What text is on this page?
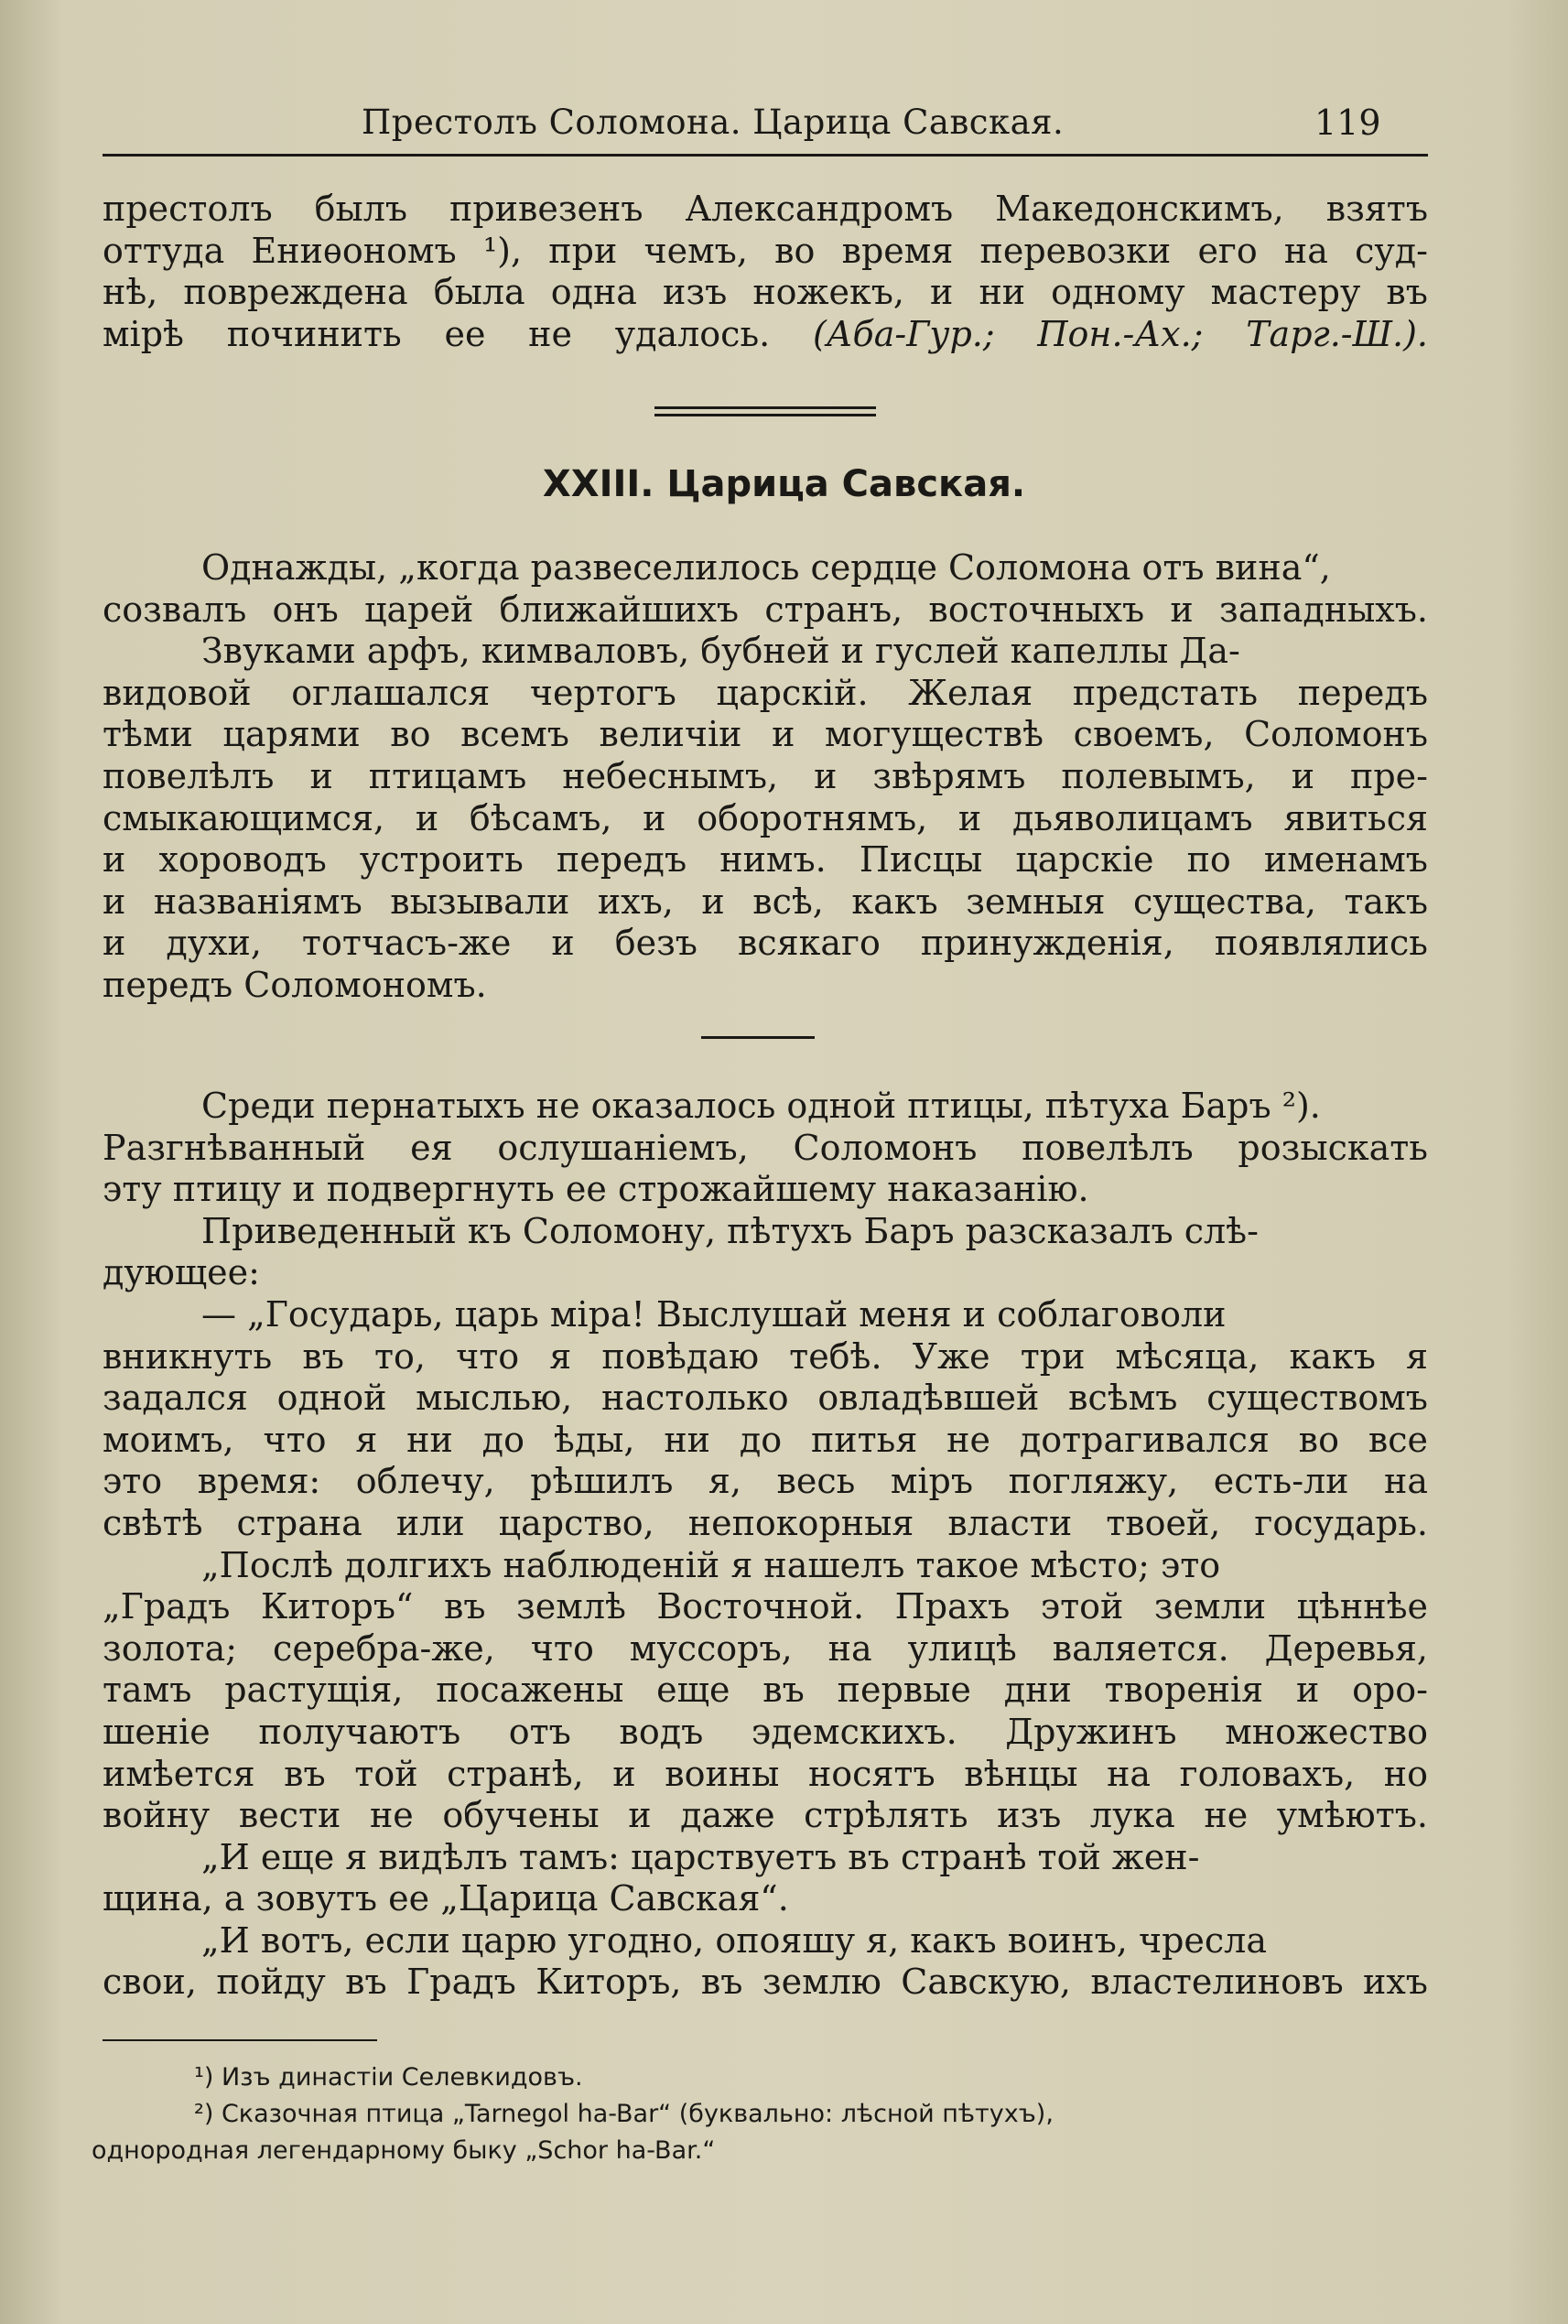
Престолъ Соломона. Царица Савская.	119
престолъ былъ привезенъ Александромъ Македонскимъ, взятъ
оттуда Eниѳономъ ¹), при чемъ, во время перевозки его на суд-
нѣ, повреждена была одна изъ ножекъ, и ни одному мастеру въ
мірѣ починить ее не удалось. (Аба-Гур.; Пон.-Ах.; Тарг.-Ш.).
XXIII. Царица Савская.
Однажды, „когда развеселилось сердце Соломона отъ вина“,
созвалъ онъ царей ближайшихъ странъ, восточныхъ и западныхъ.
Звуками арфъ, кимваловъ, бубней и гуслей капеллы Да-
видовой оглашался чертогъ царскій. Желая предстать передъ
тѣми царями во всемъ величіи и могуществѣ своемъ, Соломонъ
повелѣлъ и птицамъ небеснымъ, и звѣрямъ полевымъ, и пре-
смыкающимся, и бѣсамъ, и оборотнямъ, и дьяволицамъ явиться
и хороводъ устроить передъ нимъ. Писцы царскіе по именамъ
и названіямъ вызывали ихъ, и всѣ, какъ земныя существа, такъ
и духи, тотчасъ-же и безъ всякаго принужденія, появлялись
передъ Соломономъ.
Среди пернатыхъ не оказалось одной птицы, пѣтуха Баръ ²).
Разгнѣванный ея ослушаніемъ, Соломонъ повелѣлъ розыскать
эту птицу и подвергнуть ее строжайшему наказанію.
Приведенный къ Соломону, пѣтухъ Баръ разсказалъ слѣ-
дующее:
— „Государь, царь міра! Выслушай меня и соблаговоли
вникнуть въ то, что я повѣдаю тебѣ. Уже три мѣсяца, какъ я
задался одной мыслью, настолько овладѣвшей всѣмъ существомъ
моимъ, что я ни до ѣды, ни до питья не дотрагивался во все
это время: облечу, рѣшилъ я, весь міръ погляжу, есть-ли на
свѣтѣ страна или царство, непокорныя власти твоей, государь.
„Послѣ долгихъ наблюденій я нашелъ такое мѣсто; это
„Градъ Киторъ“ въ землѣ Восточной. Прахъ этой земли цѣннѣе
золота; серебра-же, что муссоръ, на улицѣ валяется. Деревья,
тамъ растущія, посажены еще въ первые дни творенія и оро-
шеніе получаютъ отъ водъ эдемскихъ. Дружинъ множество
имѣется въ той странѣ, и воины носятъ вѣнцы на головахъ, но
войну вести не обучены и даже стрѣлять изъ лука не умѣютъ.
„И еще я видѣлъ тамъ: царствуетъ въ странѣ той жен-
щина, а зовутъ ее „Царица Савская“.
„И вотъ, если царю угодно, опояшу я, какъ воинъ, чресла
свои, пойду въ Градъ Киторъ, въ землю Савскую, властелиновъ ихъ
¹) Изъ династіи Селевкидовъ.
²) Сказочная птица „Tarnegol ha-Bar“ (буквально: лѣсной пѣтухъ),
однородная легендарному быку „Schor ha-Bar.“
